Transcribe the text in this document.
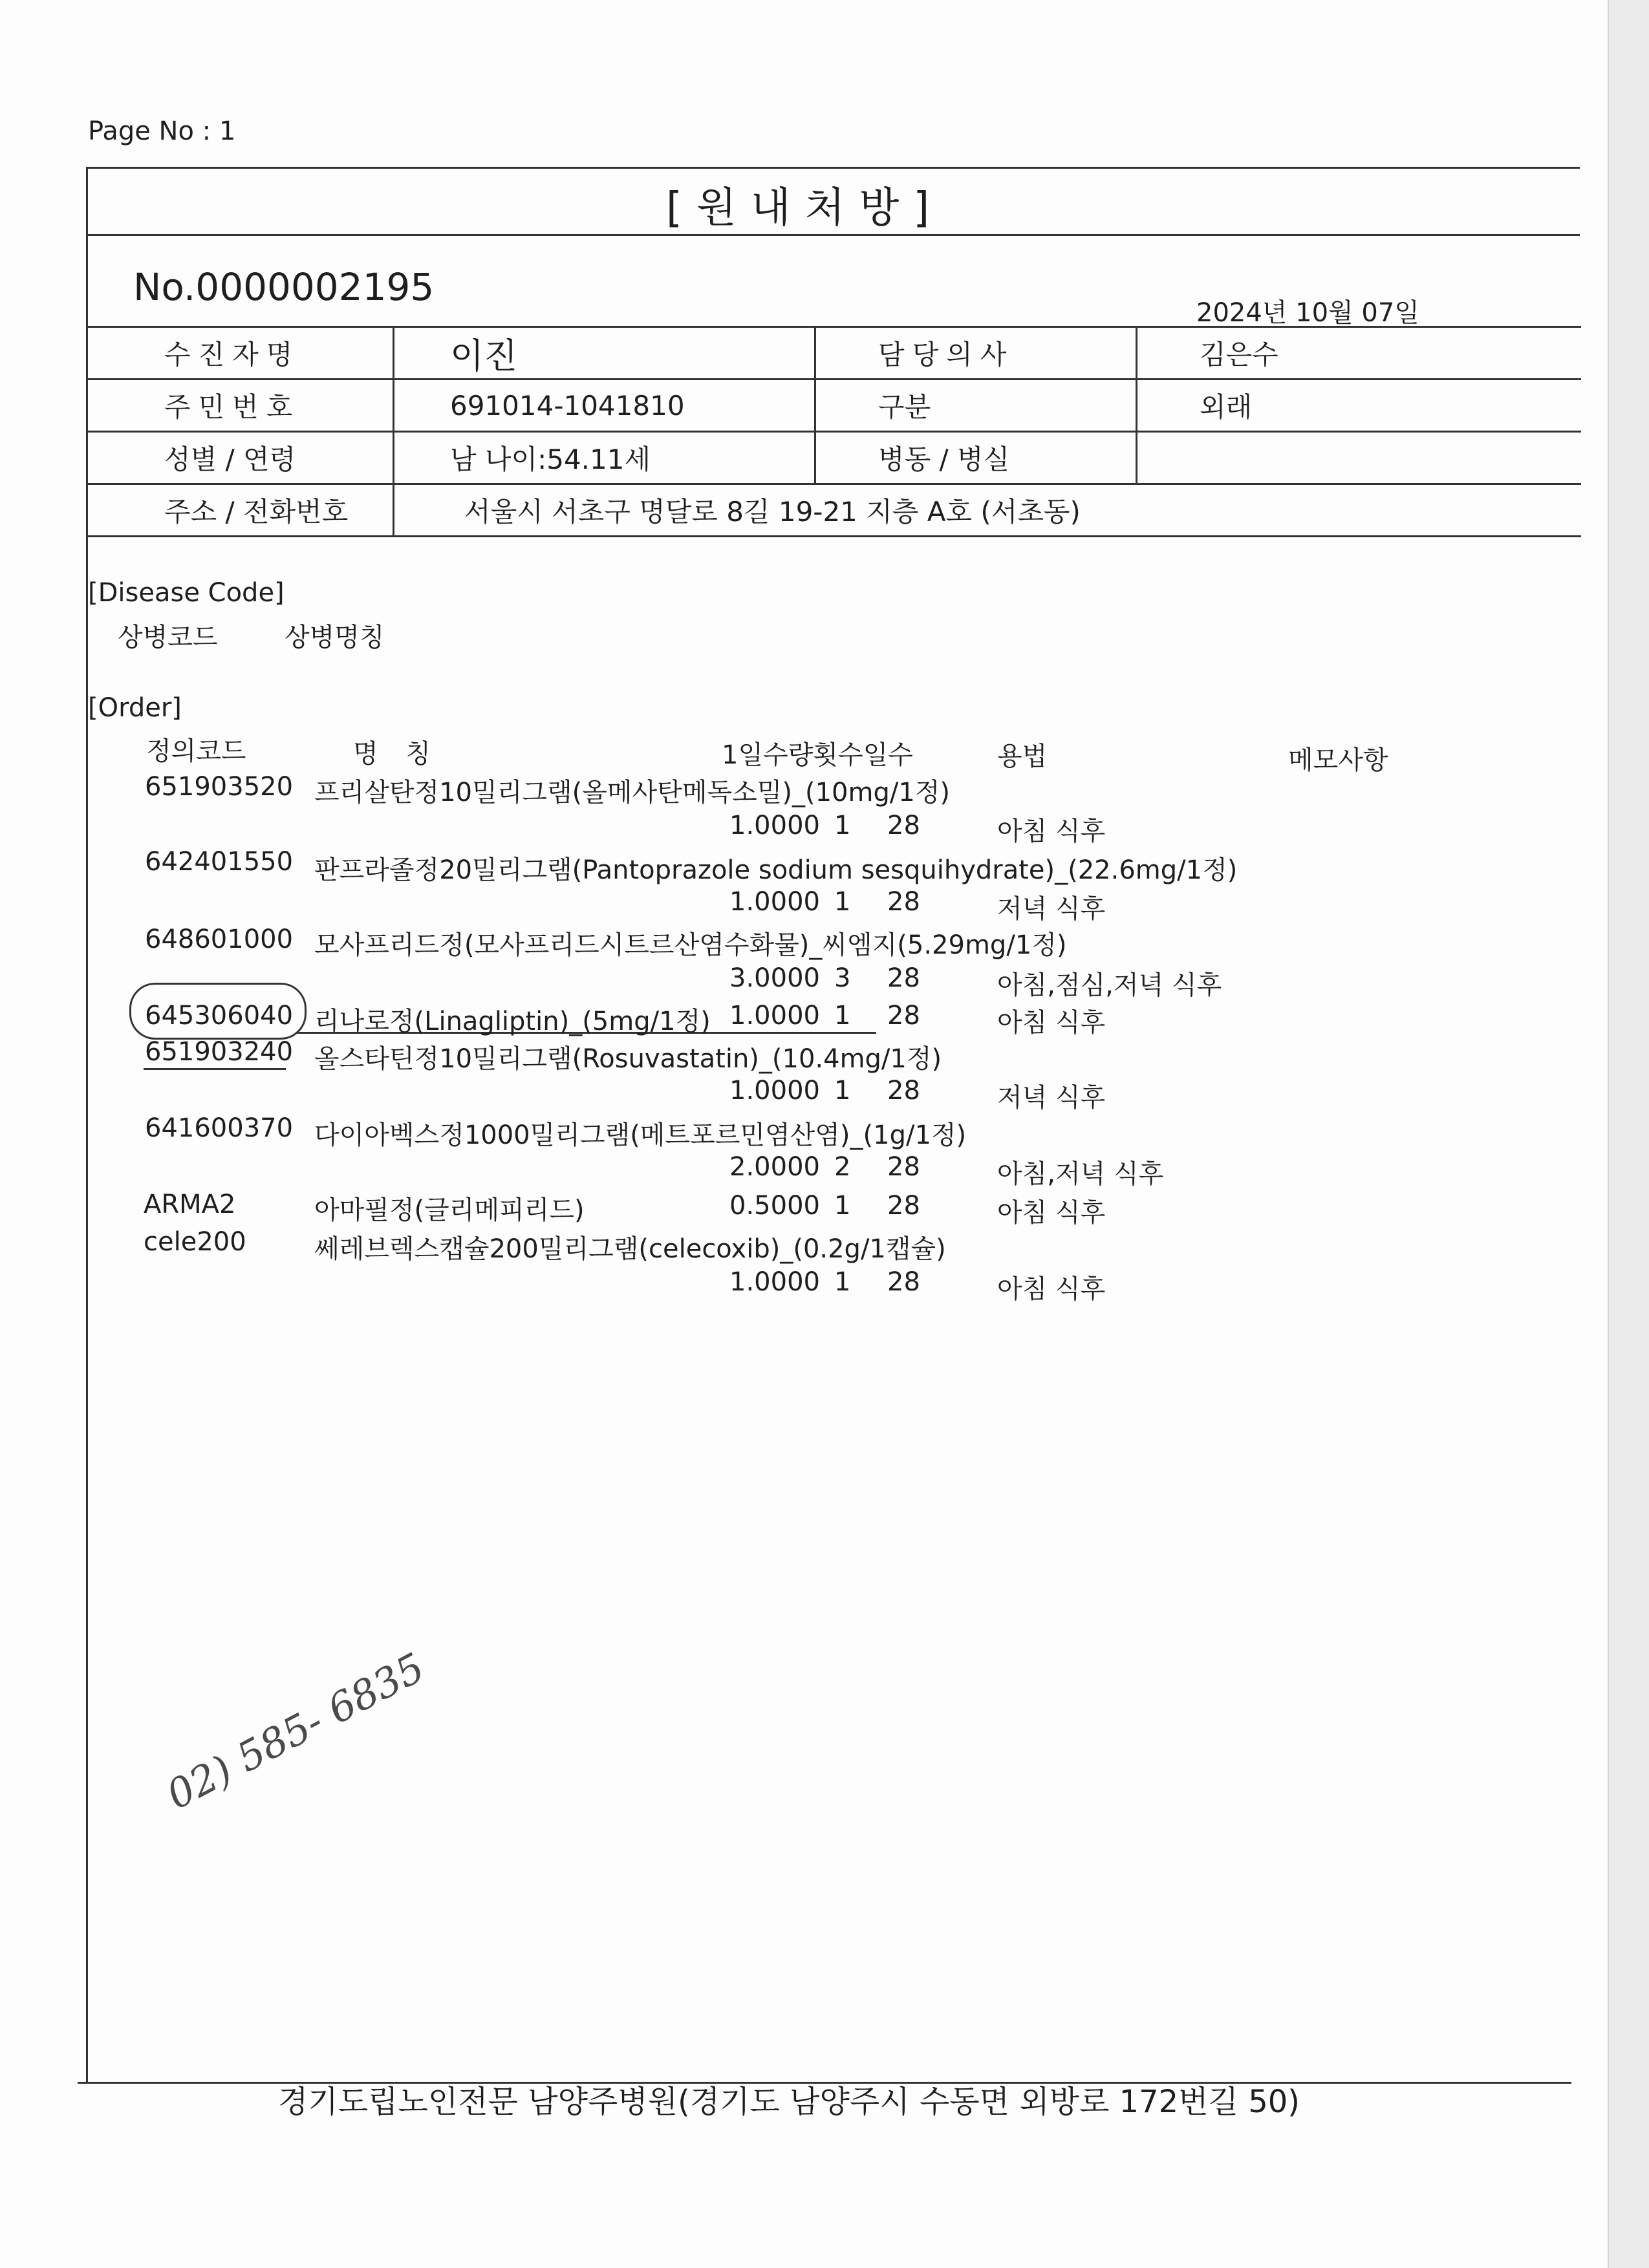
Page No : 1
[원내처방]
No.0000002195
2024년 10월 07일
수진자명	이진	담당의사	김은수
주민번호	691014-1041810	구분	외래
성별 / 연령	남 나이:54.11세	병동 / 병실	
주소 / 전화번호	서울시 서초구 명달로 8길 19-21 지층 A호 (서초동)		
[Disease Code]
상병코드	상병명칭
[Order]
정의코드	명 칭	1일수량횟수일수	용법	메모사항
651903520 프리살탄정10밀리그램(올메사탄메독소밀)_(10mg/1정)
1.0000 1 28	아침 식후
642401550 판프라졸정20밀리그램(Pantoprazole sodium sesquihydrate)_(22.6mg/1정)
1.0000 1 28	저녁 식후
648601000 모사프리드정(모사프리드시트르산염수화물)_씨엠지(5.29mg/1정)
3.0000 3 28	아침,점심,저녁 식후
645306040 리나로정(Linagliptin)_(5mg/1정) 1.0000 1 28	아침 식후
651903240 올스타틴정10밀리그램(Rosuvastatin)_(10.4mg/1정)
1.0000 1 28	저녁 식후
641600370 다이아벡스정1000밀리그램(메트포르민염산염)_(1g/1정)
2.0000 2 28	아침,저녁 식후
ARMA2	아마필정(글리메피리드)	0.5000 1 28	아침 식후
cele200	쎄레브렉스캡슐200밀리그램(celecoxib)_(0.2g/1캡슐)
1.0000 1 28	아침 식후
02) 585- 6835
경기도립노인전문 남양주병원(경기도 남양주시 수동면 외방로 172번길 50)
